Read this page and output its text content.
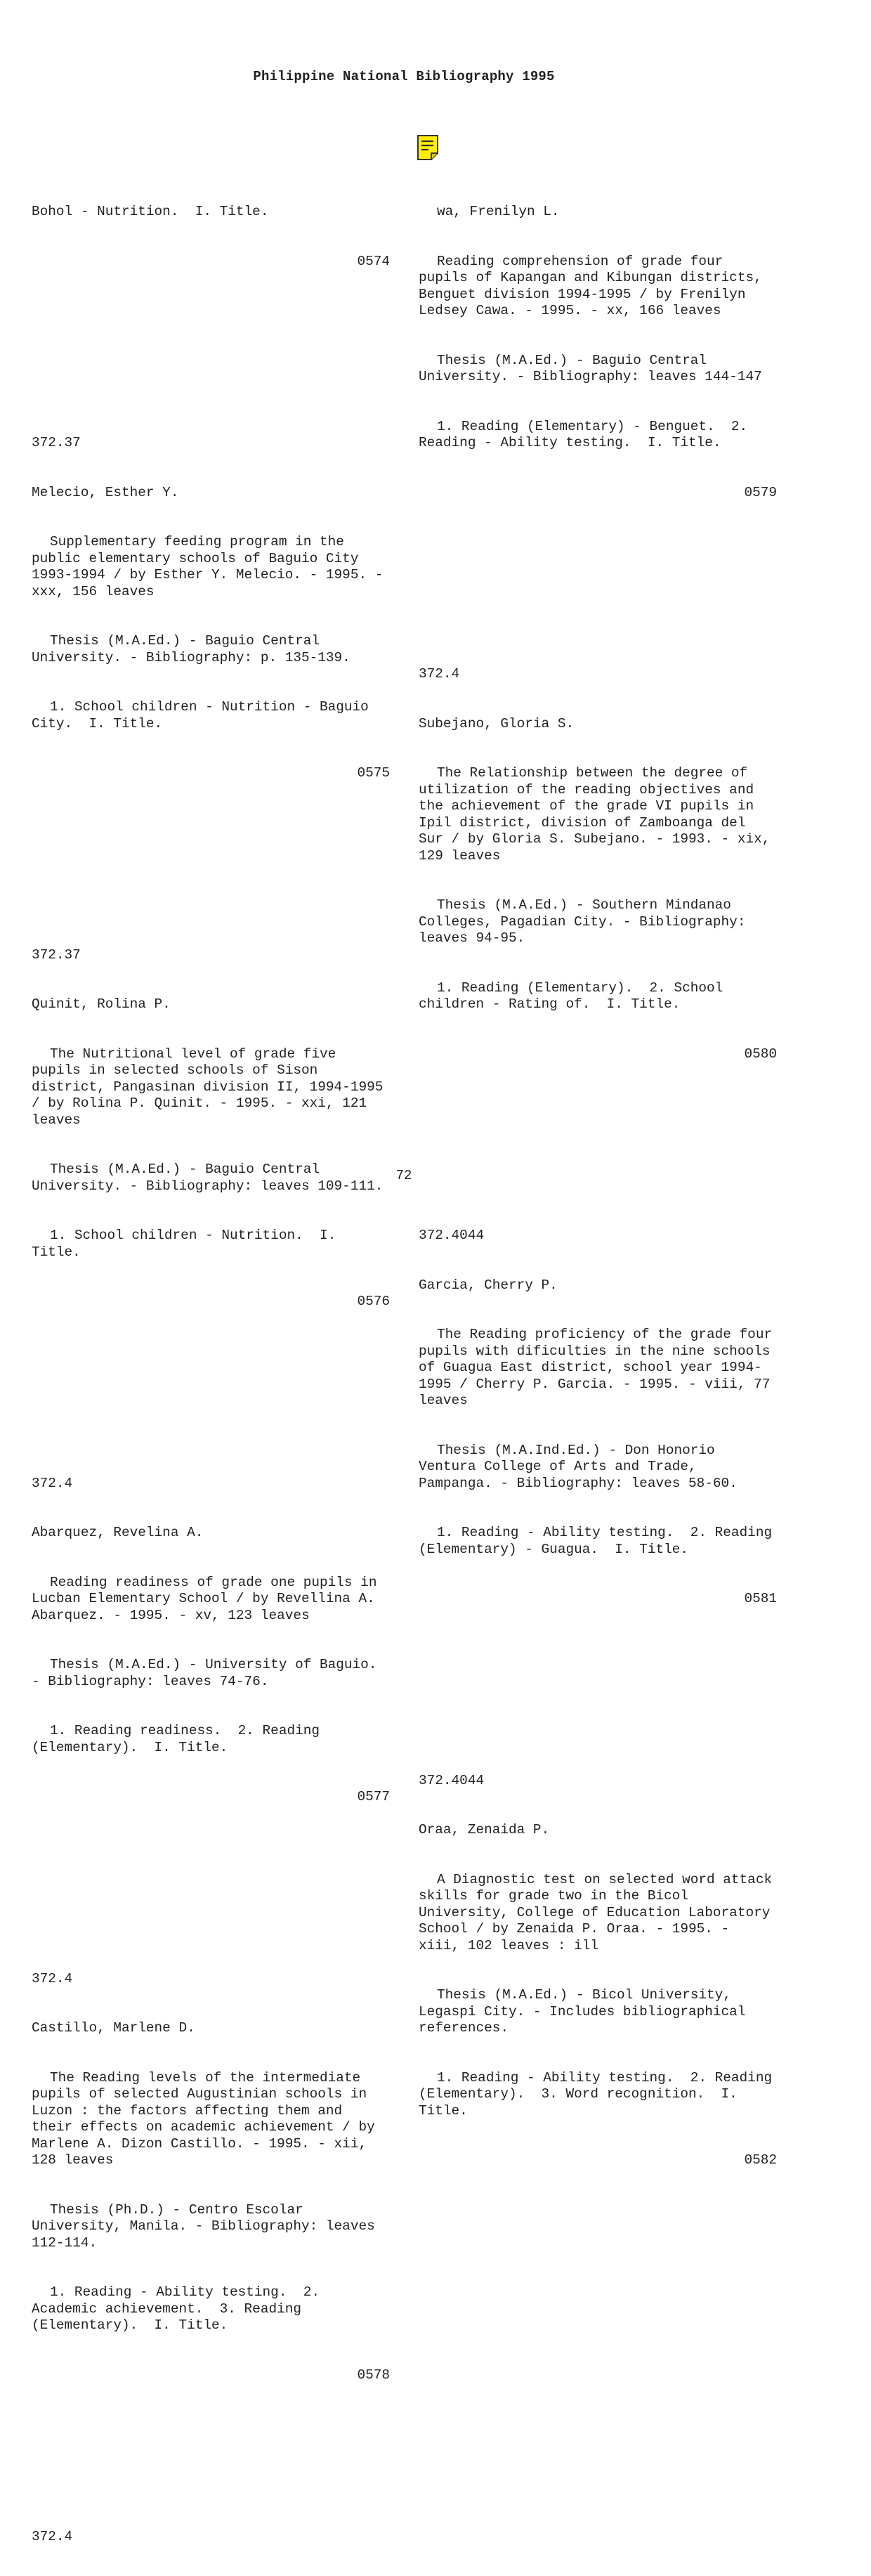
Philippine National Bibliography 1995

Bohol - Nutrition.  I. Title.

0574

372.37

Melecio, Esther Y.

Supplementary feeding program in the public elementary schools of Baguio City 1993-1994 / by Esther Y. Melecio. - 1995. - xxx, 156 leaves

Thesis (M.A.Ed.) - Baguio Central University. - Bibliography: p. 135-139.

1. School children - Nutrition - Baguio City.  I. Title.

0575

372.37

Quinit, Rolina P.

The Nutritional level of grade five pupils in selected schools of Sison district, Pangasinan division II, 1994-1995 / by Rolina P. Quinit. - 1995. - xxi, 121 leaves

Thesis (M.A.Ed.) - Baguio Central University. - Bibliography: leaves 109-111.

1. School children - Nutrition.  I. Title.

0576

372.4

Abarquez, Revelina A.

Reading readiness of grade one pupils in Lucban Elementary School / by Revellina A. Abarquez. - 1995. - xv, 123 leaves

Thesis (M.A.Ed.) - University of Baguio. - Bibliography: leaves 74-76.

1. Reading readiness.  2. Reading (Elementary).  I. Title.

0577

372.4

Castillo, Marlene D.

The Reading levels of the intermediate pupils of selected Augustinian schools in Luzon : the factors affecting them and their effects on academic achievement / by Marlene A. Dizon Castillo. - 1995. - xii, 128 leaves

Thesis (Ph.D.) - Centro Escolar University, Manila. - Bibliography: leaves 112-114.

1. Reading - Ability testing.  2. Academic achievement.  3. Reading (Elementary).  I. Title.

0578

372.4

wa, Frenilyn L.

Reading comprehension of grade four pupils of Kapangan and Kibungan districts, Benguet division 1994-1995 / by Frenilyn Ledsey Cawa. - 1995. - xx, 166 leaves

Thesis (M.A.Ed.) - Baguio Central University. - Bibliography: leaves 144-147

1. Reading (Elementary) - Benguet.  2. Reading - Ability testing.  I. Title.

0579

372.4

Subejano, Gloria S.

The Relationship between the degree of utilization of the reading objectives and the achievement of the grade VI pupils in Ipil district, division of Zamboanga del Sur / by Gloria S. Subejano. - 1993. - xix, 129 leaves

Thesis (M.A.Ed.) - Southern Mindanao Colleges, Pagadian City. - Bibliography: leaves 94-95.

1. Reading (Elementary).  2. School children - Rating of.  I. Title.

0580

372.4044

Garcia, Cherry P.

The Reading proficiency of the grade four pupils with dificulties in the nine schools of Guagua East district, school year 1994-1995 / Cherry P. Garcia. - 1995. - viii, 77 leaves

Thesis (M.A.Ind.Ed.) - Don Honorio Ventura College of Arts and Trade, Pampanga. - Bibliography: leaves 58-60.

1. Reading - Ability testing.  2. Reading (Elementary) - Guagua.  I. Title.

0581

372.4044

Oraa, Zenaida P.

A Diagnostic test on selected word attack skills for grade two in the Bicol University, College of Education Laboratory School / by Zenaida P. Oraa. - 1995. - xiii, 102 leaves : ill

Thesis (M.A.Ed.) - Bicol University, Legaspi City. - Includes bibliographical references.

1. Reading - Ability testing.  2. Reading (Elementary).  3. Word recognition.  I. Title.

0582

72
